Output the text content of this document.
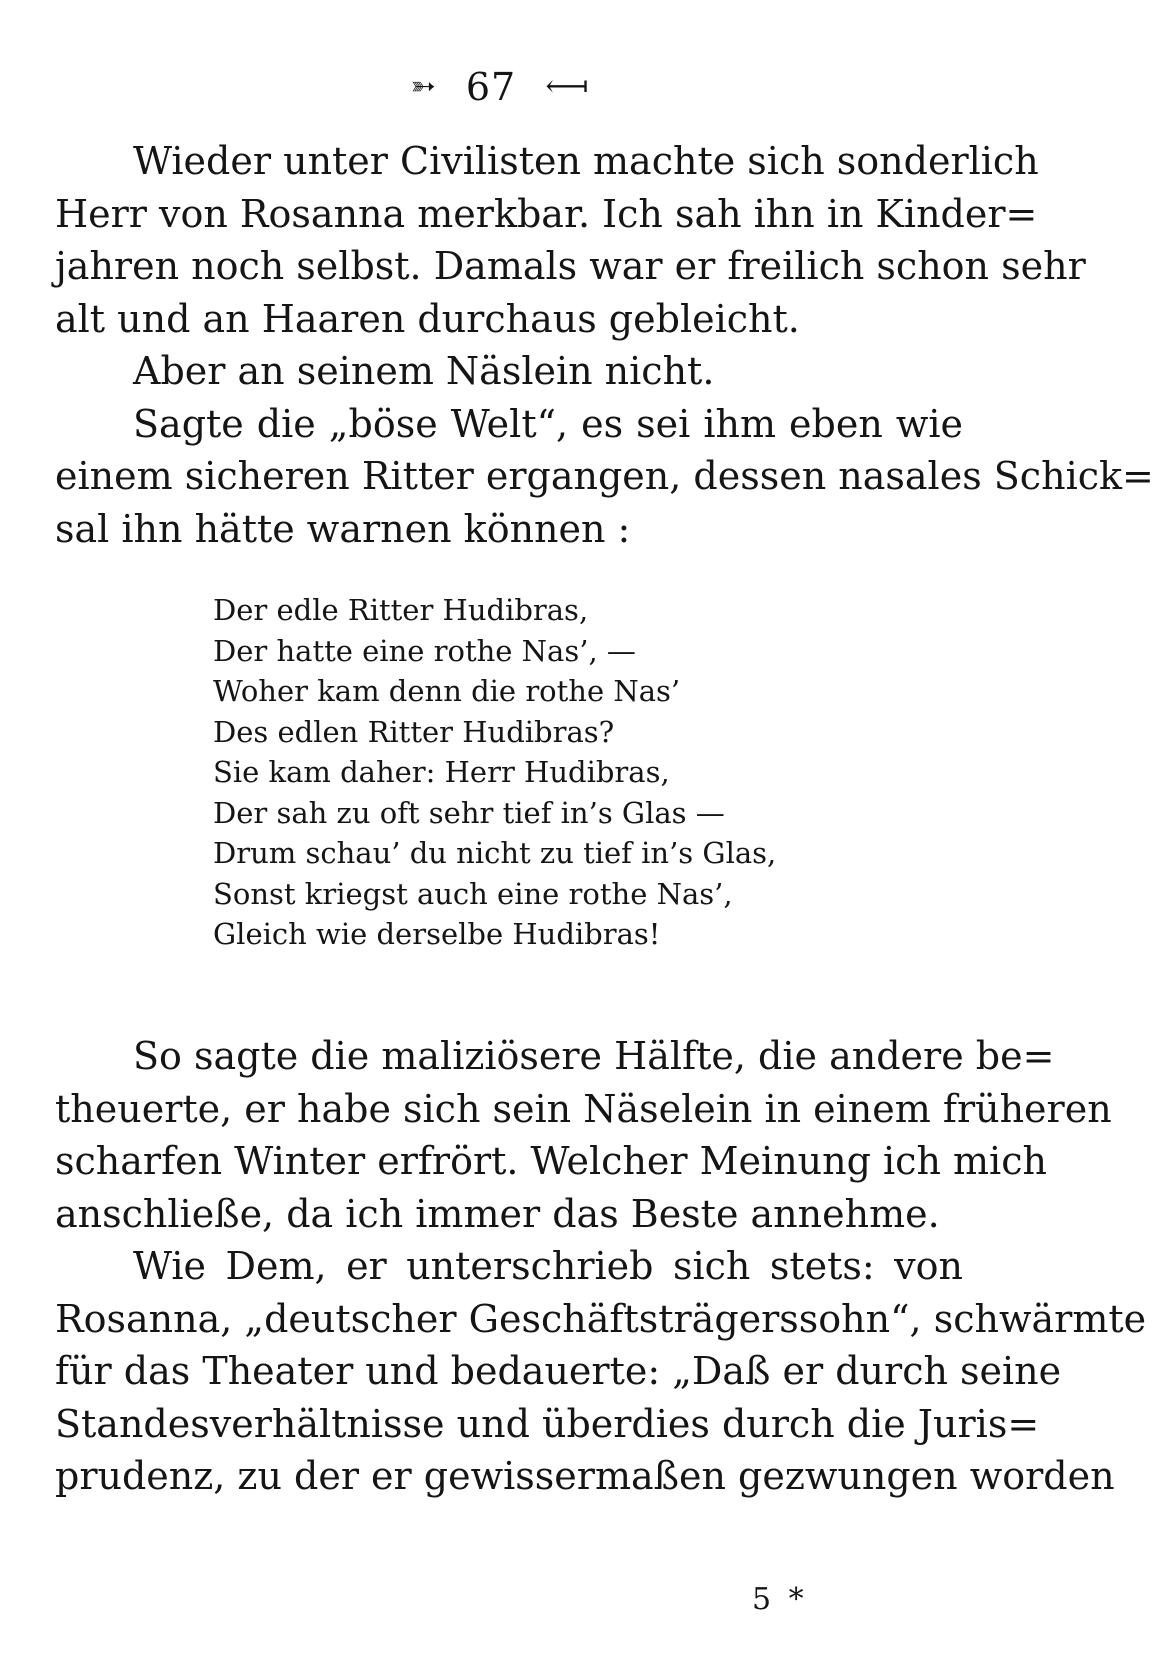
➳ 67 ⟻
Wieder unter Civilisten machte sich sonderlich
Herr von Rosanna merkbar. Ich sah ihn in Kinder=
jahren noch selbst. Damals war er freilich schon sehr
alt und an Haaren durchaus gebleicht.
Aber an seinem Näslein nicht.
Sagte die „böse Welt“, es sei ihm eben wie
einem sicheren Ritter ergangen, dessen nasales Schick=
sal ihn hätte warnen können :
Der edle Ritter Hudibras,
Der hatte eine rothe Nas’, —
Woher kam denn die rothe Nas’
Des edlen Ritter Hudibras?
Sie kam daher: Herr Hudibras,
Der sah zu oft sehr tief in’s Glas —
Drum schau’ du nicht zu tief in’s Glas,
Sonst kriegst auch eine rothe Nas’,
Gleich wie derselbe Hudibras!
So sagte die maliziösere Hälfte, die andere be=
theuerte, er habe sich sein Näselein in einem früheren
scharfen Winter erfrört. Welcher Meinung ich mich
anschließe, da ich immer das Beste annehme.
Wie Dem, er unterschrieb sich stets: von
Rosanna, „deutscher Geschäftsträgerssohn“, schwärmte
für das Theater und bedauerte: „Daß er durch seine
Standesverhältnisse und überdies durch die Juris=
prudenz, zu der er gewissermaßen gezwungen worden
5 *
